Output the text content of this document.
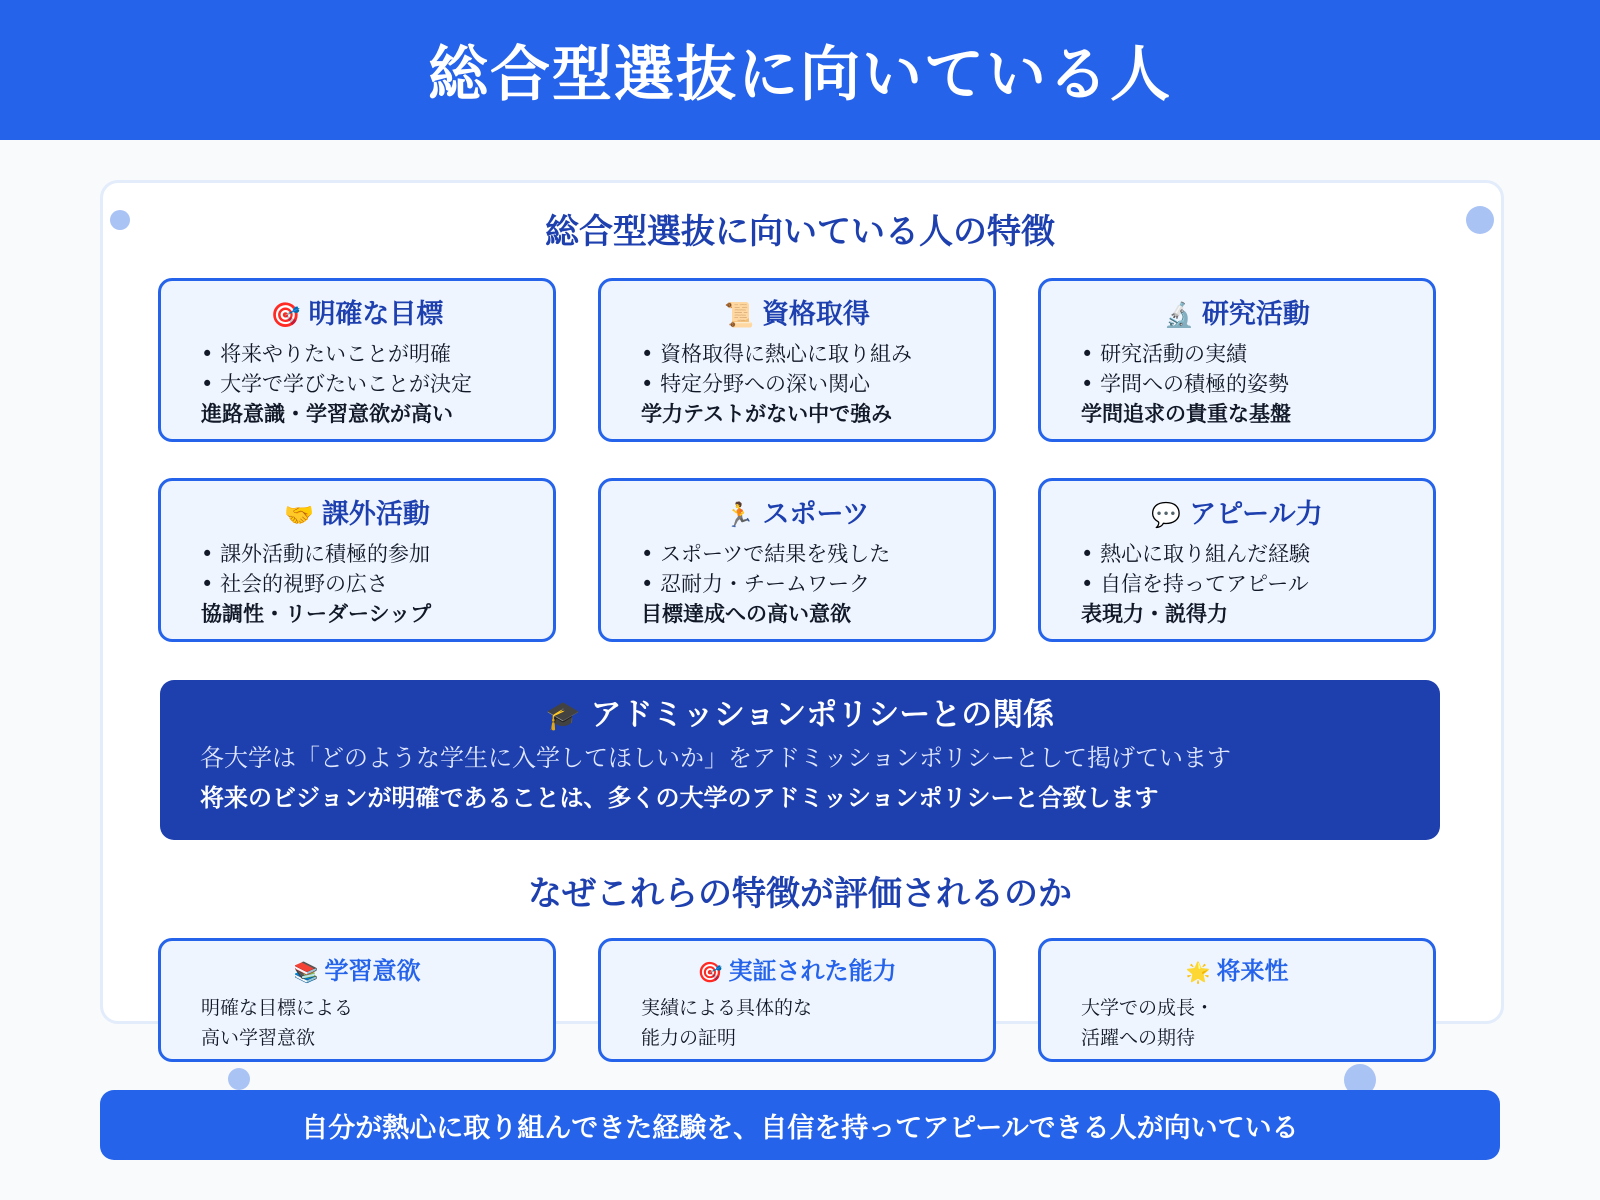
総合型選抜に向いている人
総合型選抜に向いている人の特徴
🎯 明確な目標
• 将来やりたいことが明確
• 大学で学びたいことが決定
進路意識・学習意欲が高い
📜 資格取得
• 資格取得に熱心に取り組み
• 特定分野への深い関心
学力テストがない中で強み
🔬 研究活動
• 研究活動の実績
• 学問への積極的姿勢
学問追求の貴重な基盤
🤝 課外活動
• 課外活動に積極的参加
• 社会的視野の広さ
協調性・リーダーシップ
🏃 スポーツ
• スポーツで結果を残した
• 忍耐力・チームワーク
目標達成への高い意欲
💬 アピール力
• 熱心に取り組んだ経験
• 自信を持ってアピール
表現力・説得力
🎓 アドミッションポリシーとの関係
各大学は「どのような学生に入学してほしいか」をアドミッションポリシーとして掲げています
将来のビジョンが明確であることは、多くの大学のアドミッションポリシーと合致します
なぜこれらの特徴が評価されるのか
📚 学習意欲
明確な目標による
高い学習意欲
🎯 実証された能力
実績による具体的な
能力の証明
🌟 将来性
大学での成長・
活躍への期待
自分が熱心に取り組んできた経験を、自信を持ってアピールできる人が向いている
